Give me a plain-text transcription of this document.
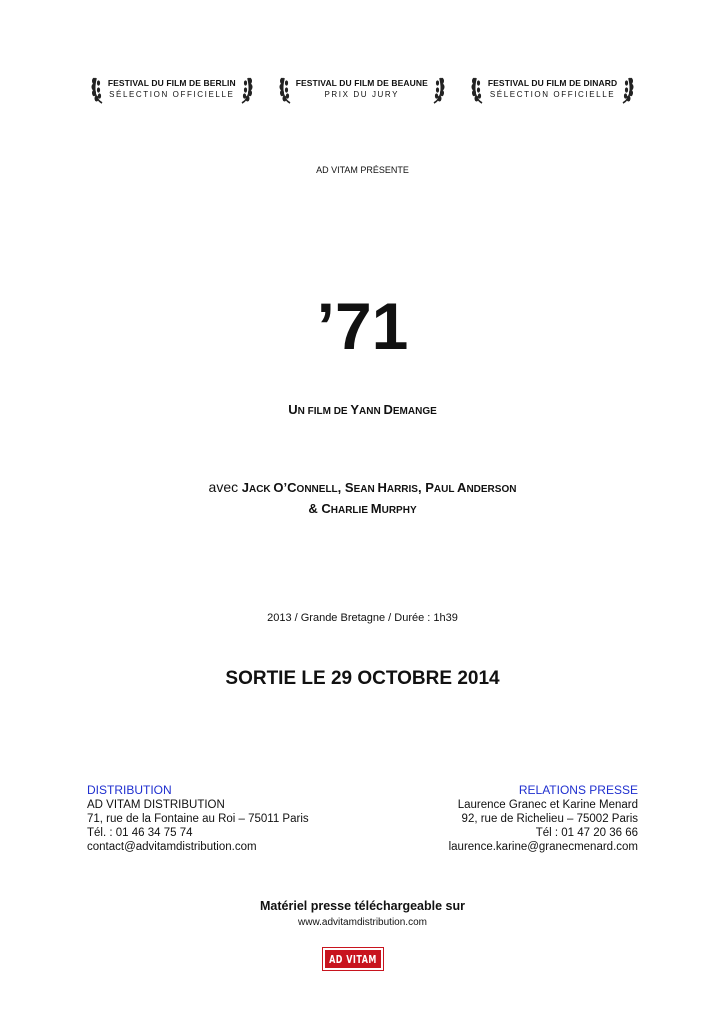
FESTIVAL DU FILM DE BERLIN
SÉLECTION OFFICIELLE
FESTIVAL DU FILM DE BEAUNE
PRIX DU JURY
FESTIVAL DU FILM DE DINARD
SÉLECTION OFFICIELLE
AD VITAM PRÉSENTE
’71
UN FILM DE YANN DEMANGE
avec JACK O’CONNELL, SEAN HARRIS, PAUL ANDERSON
& CHARLIE MURPHY
2013 / Grande Bretagne / Durée : 1h39
SORTIE LE 29 OCTOBRE 2014
DISTRIBUTION
AD VITAM DISTRIBUTION
71, rue de la Fontaine au Roi – 75011 Paris
Tél. : 01 46 34 75 74
contact@advitamdistribution.com
RELATIONS PRESSE
Laurence Granec et Karine Menard
92, rue de Richelieu – 75002 Paris
Tél : 01 47 20 36 66
laurence.karine@granecmenard.com
Matériel presse téléchargeable sur
www.advitamdistribution.com
AD VITAM
